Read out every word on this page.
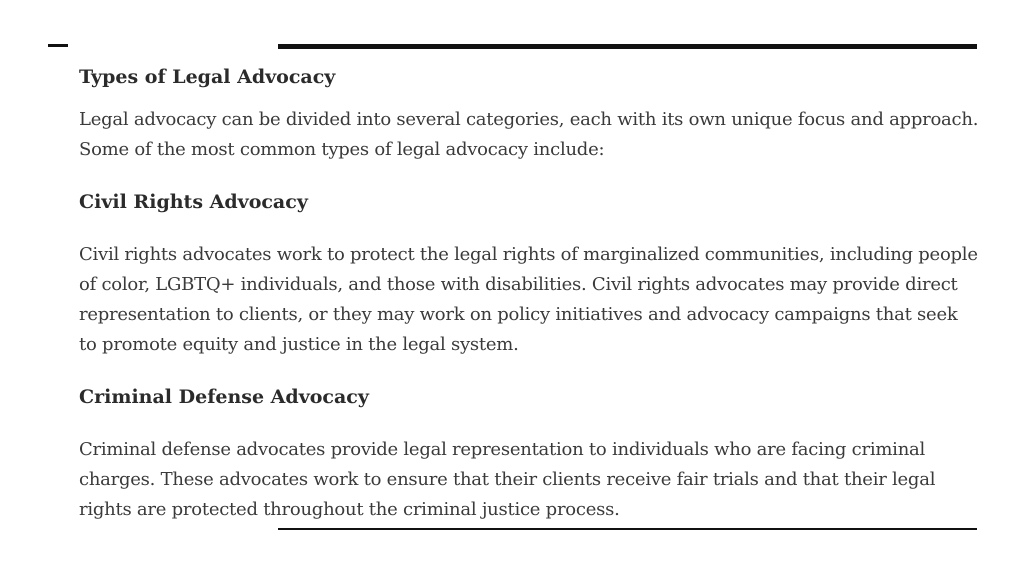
Types of Legal Advocacy

Legal advocacy can be divided into several categories, each with its own unique focus and approach. Some of the most common types of legal advocacy include:

Civil Rights Advocacy

Civil rights advocates work to protect the legal rights of marginalized communities, including people of color, LGBTQ+ individuals, and those with disabilities. Civil rights advocates may provide direct representation to clients, or they may work on policy initiatives and advocacy campaigns that seek to promote equity and justice in the legal system.

Criminal Defense Advocacy

Criminal defense advocates provide legal representation to individuals who are facing criminal charges. These advocates work to ensure that their clients receive fair trials and that their legal rights are protected throughout the criminal justice process.
